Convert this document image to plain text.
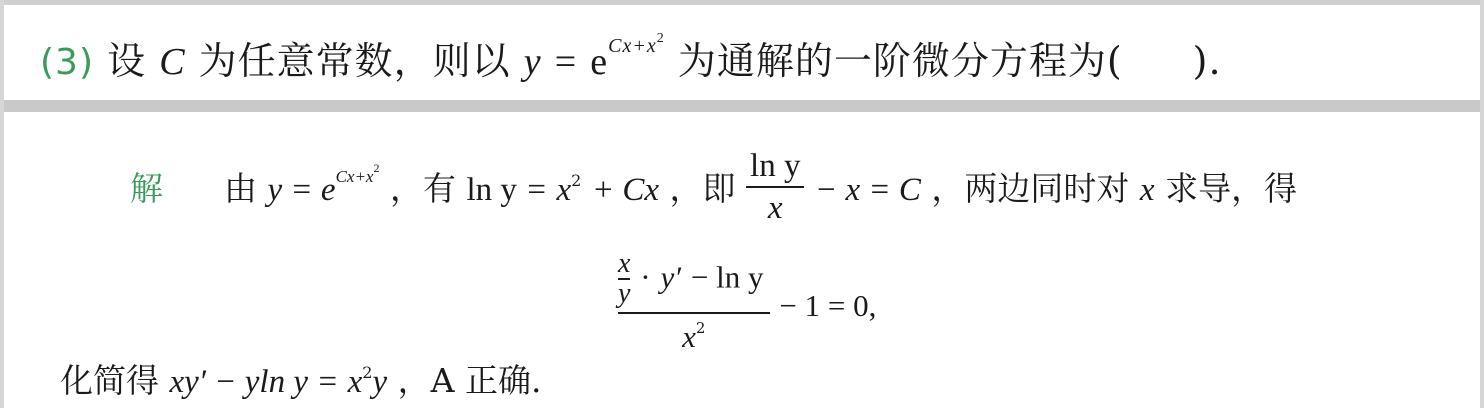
(3) 设 C 为任意常数，则以 $y = e^{Cx+x^2}$ 为通解的一阶微分方程为( ).
解 由 $y = e^{Cx+x^2}$ ，有 $\ln y = x^2 + Cx$ ，即 $\frac{\text{ln y}}{x} - x = C$ ，两边同时对 x 求导，得
$\frac{\frac{x}{y} \cdot y' - \ln y}{x^2} - 1 = 0$,
化简得 xy′ − yln $y = x^2y$ ，A 正确.
